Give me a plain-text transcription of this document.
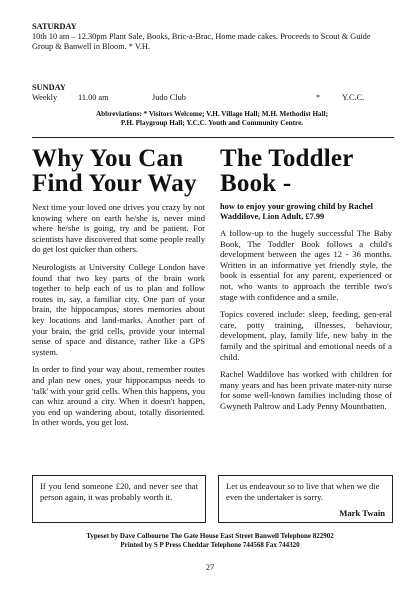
SATURDAY
10th 10 am – 12.30pm Plant Sale, Books, Bric-a-Brac, Home made cakes. Proceeds to Scout & Guide Group & Banwell in Bloom. * V.H.
SUNDAY
Weekly	11.00 am	Judo Club	*	Y.C.C.
Abbreviations: * Visitors Welcome; V.H. Village Hall; M.H. Methodist Hall;
P.H. Playgroup Hall; Y.C.C. Youth and Community Centre.
Why You Can Find Your Way

Next time your loved one drives you crazy by not knowing where on earth he/she is, never mind where he/she is going, try and be patient. For scientists have discovered that some people really do get lost quicker than others.

Neurologists at University College London have found that two key parts of the brain work together to help each of us to plan and follow routes in, say, a familiar city. One part of your brain, the hippocampus, stores memories about key locations and land-marks. Another part of your brain, the grid cells, provide your internal sense of space and distance, rather like a GPS system.

In order to find your way about, remember routes and plan new ones, your hippocampus needs to 'talk' with your grid cells. When this happens, you can whiz around a city. When it doesn't happen, you end up wandering about, totally disoriented. In other words, you get lost.

The Toddler Book -
how to enjoy your growing child by Rachel Waddilove, Lion Adult, £7.99

A follow-up to the hugely successful The Baby Book, The Toddler Book follows a child's development between the ages 12 - 36 months. Written in an informative yet friendly style, the book is essential for any parent, experienced or not, who wants to approach the terrible two's stage with confidence and a smile.

Topics covered include: sleep, feeding, gen-eral care, potty training, illnesses, behaviour, development, play, family life, new baby in the family and the spiritual and emotional needs of a child.

Rachel Waddilove has worked with children for many years and has been private mater-nity nurse for some well-known families including those of Gwyneth Paltrow and Lady Penny Mountbatten.

If you lend someone £20, and never see that person again, it was probably worth it.
Let us endeavour so to live that when we die even the undertaker is sorry.
Mark Twain
Typeset by Dave Colbourne The Gate House East Street Banwell Telephone 822902
Printed by S P Press Cheddar Telephone 744568 Fax 744320
27
